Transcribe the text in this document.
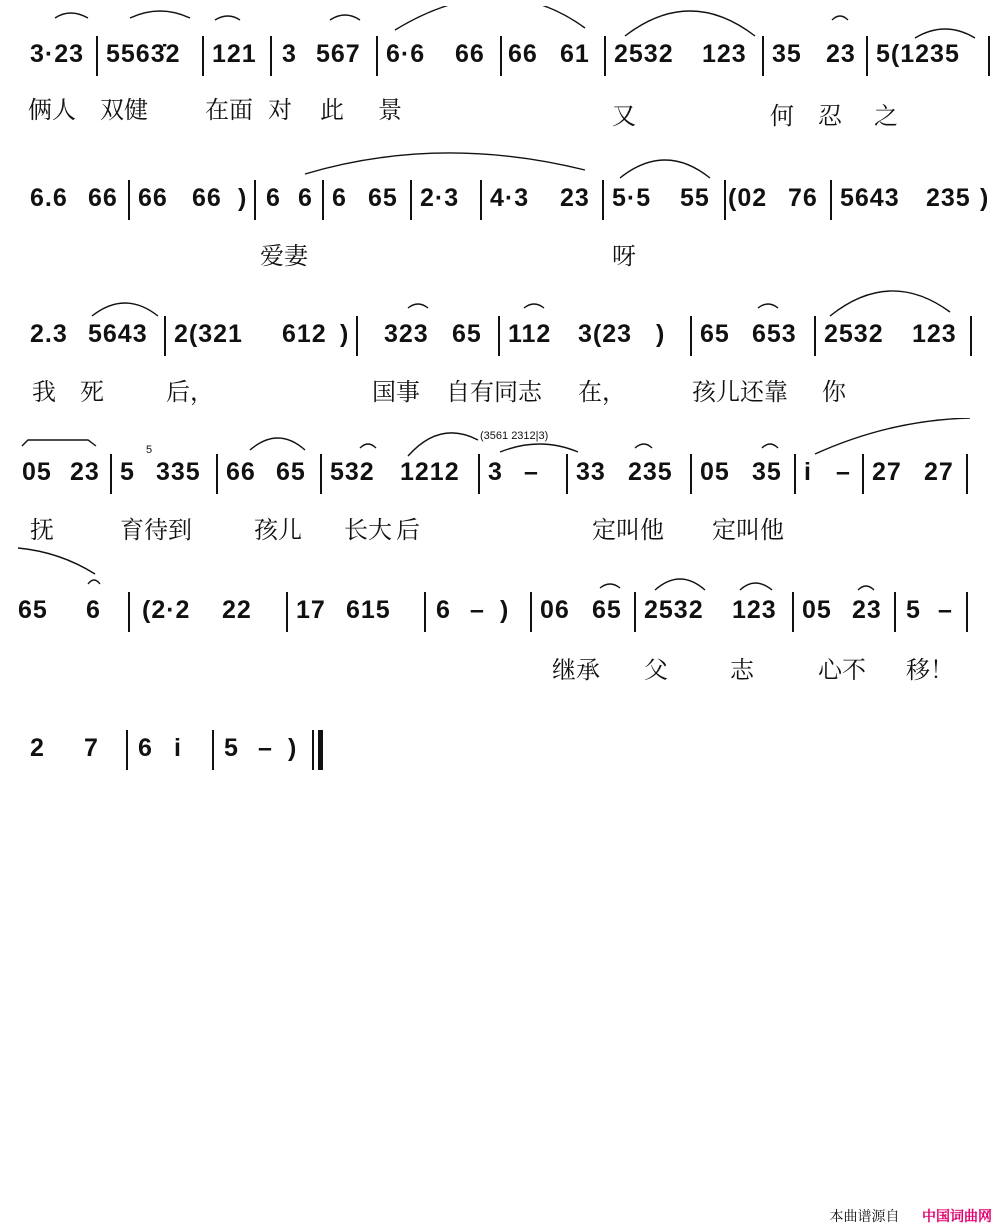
3·23 5563̇2 121 3 567 6·6 66 66 61 2532 123 35 23 5(1235
俩人 双健 在面 对 此 景	又	何 忍 之
6.6 66 66 66 ) 6 6 6 65 2·3 4·3 23 5·5 55 (02 76 5643 235 )
爱妻	呀
2.3 5643 2(321 612 ) 323 65 112 3(23 ) 65 653 2532 123
我 死	后，	国事 自有同志 在，	孩儿还靠 你
(3561 2312|3)
05 23 5
5
335 66 65 532 1212 3 – 33 235 05 35 i – 27 27
抚	育待到	孩儿 长大 后	定叫他 定叫他
65 6 (2·2 22 17 615 6 – ) 06 65 2532 123 05 23 5 –
继承 父	志	心不 移！
2 7 6 i 5 – )
本曲谱源自 中国词曲网
